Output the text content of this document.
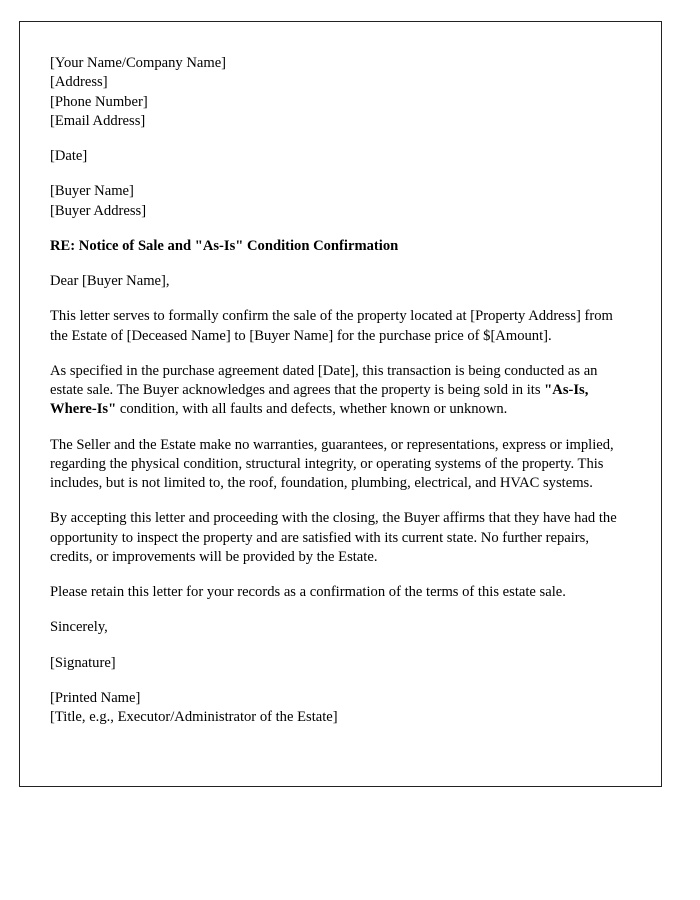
[Your Name/Company Name]
[Address]
[Phone Number]
[Email Address]
[Date]
[Buyer Name]
[Buyer Address]
RE: Notice of Sale and "As-Is" Condition Confirmation

Dear [Buyer Name],

This letter serves to formally confirm the sale of the property located at [Property Address] from the Estate of [Deceased Name] to [Buyer Name] for the purchase price of $[Amount].

As specified in the purchase agreement dated [Date], this transaction is being conducted as an estate sale. The Buyer acknowledges and agrees that the property is being sold in its "As-Is, Where-Is" condition, with all faults and defects, whether known or unknown.

The Seller and the Estate make no warranties, guarantees, or representations, express or implied, regarding the physical condition, structural integrity, or operating systems of the property. This includes, but is not limited to, the roof, foundation, plumbing, electrical, and HVAC systems.

By accepting this letter and proceeding with the closing, the Buyer affirms that they have had the opportunity to inspect the property and are satisfied with its current state. No further repairs, credits, or improvements will be provided by the Estate.

Please retain this letter for your records as a confirmation of the terms of this estate sale.

Sincerely,
[Signature]
[Printed Name]
[Title, e.g., Executor/Administrator of the Estate]
